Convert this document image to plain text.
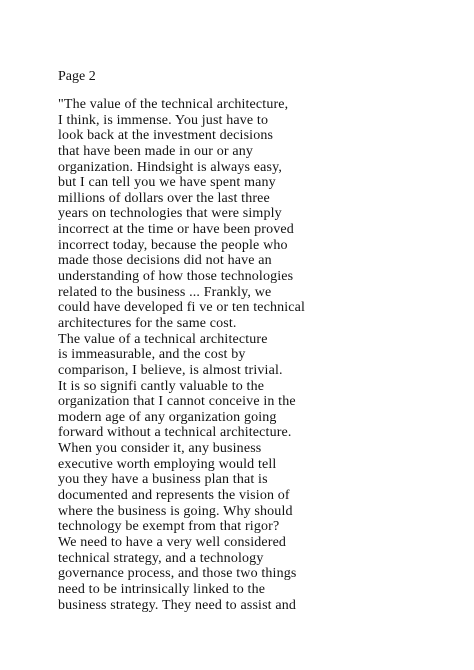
Page 2
"The value of the technical architecture,
I think, is immense. You just have to
look back at the investment decisions
that have been made in our or any
organization. Hindsight is always easy,
but I can tell you we have spent many
millions of dollars over the last three
years on technologies that were simply
incorrect at the time or have been proved
incorrect today, because the people who
made those decisions did not have an
understanding of how those technologies
related to the business ... Frankly, we
could have developed fi ve or ten technical
architectures for the same cost.
The value of a technical architecture
is immeasurable, and the cost by
comparison, I believe, is almost trivial.
It is so signifi cantly valuable to the
organization that I cannot conceive in the
modern age of any organization going
forward without a technical architecture.
When you consider it, any business
executive worth employing would tell
you they have a business plan that is
documented and represents the vision of
where the business is going. Why should
technology be exempt from that rigor?
We need to have a very well considered
technical strategy, and a technology
governance process, and those two things
need to be intrinsically linked to the
business strategy. They need to assist and
